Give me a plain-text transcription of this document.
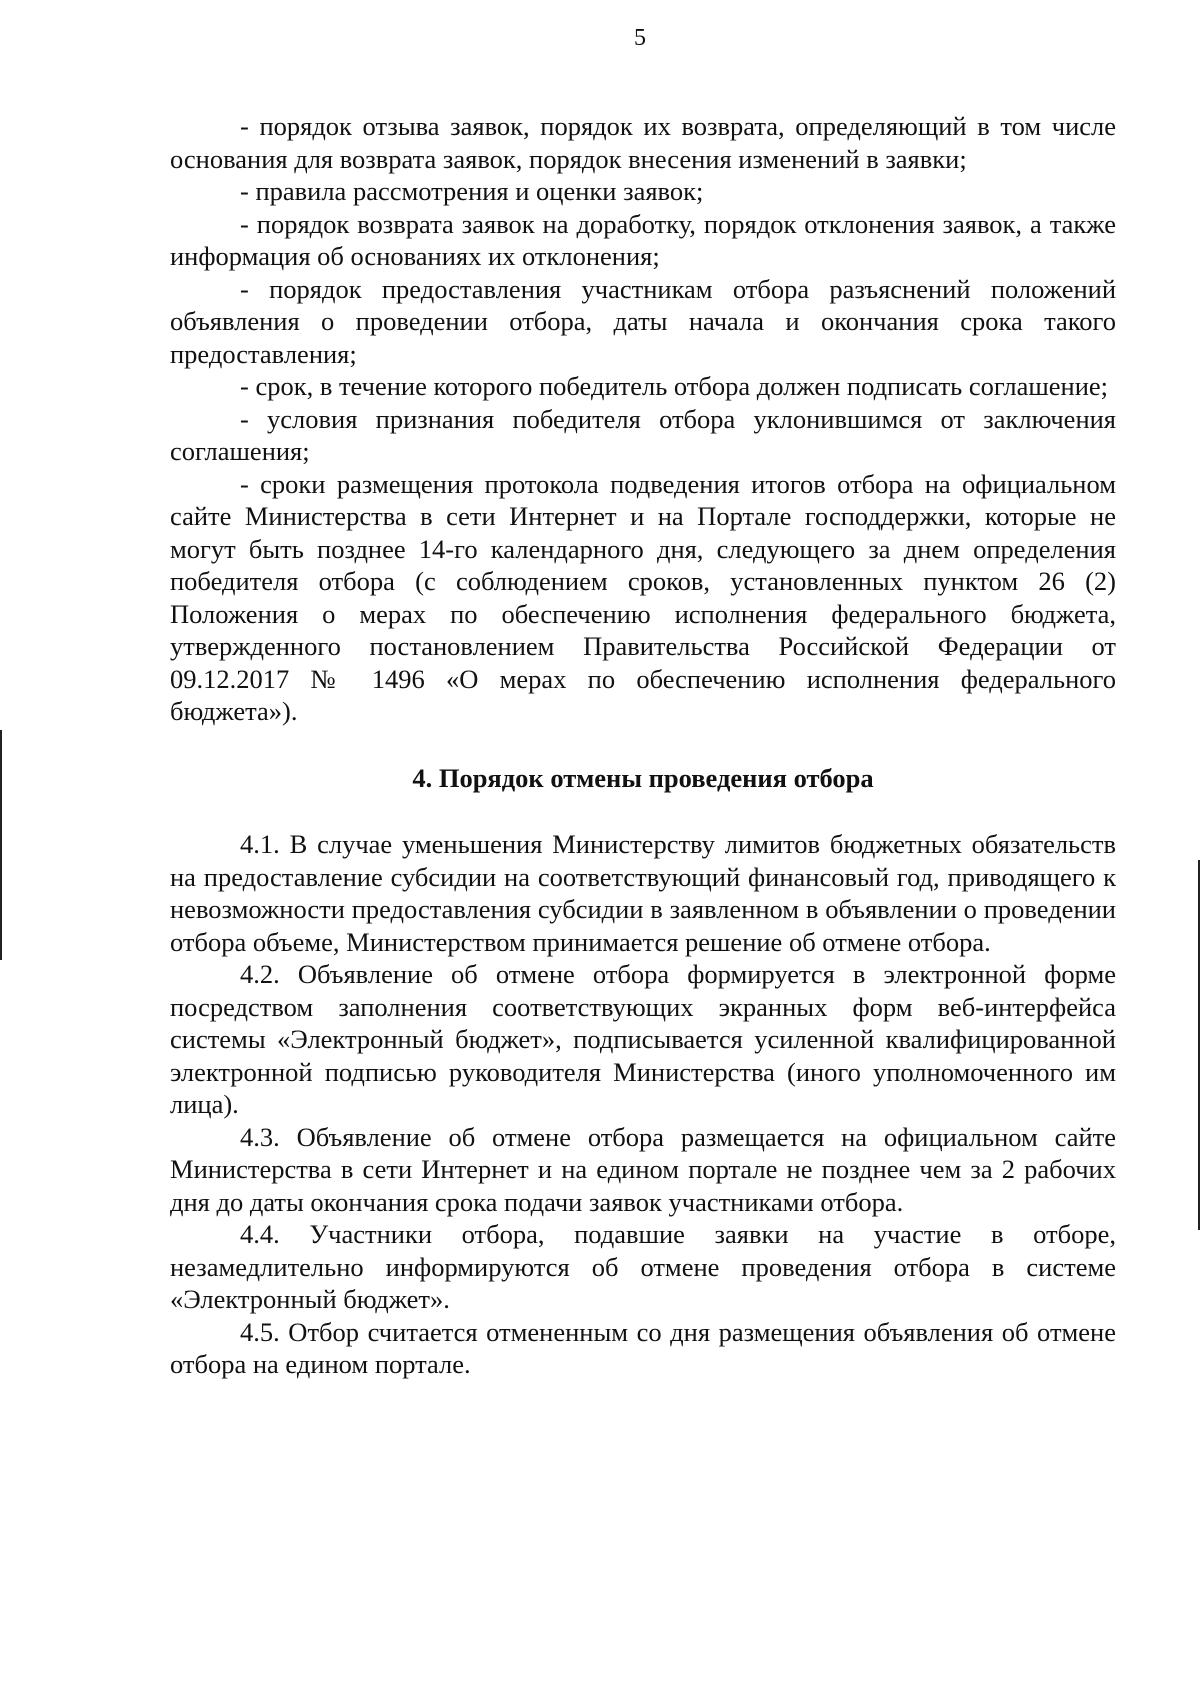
5

- порядок отзыва заявок, порядок их возврата, определяющий в том числе основания для возврата заявок, порядок внесения изменений в заявки;

- правила рассмотрения и оценки заявок;

- порядок возврата заявок на доработку, порядок отклонения заявок, а также информация об основаниях их отклонения;

- порядок предоставления участникам отбора разъяснений положений объявления о проведении отбора, даты начала и окончания срока такого предоставления;

- срок, в течение которого победитель отбора должен подписать соглашение;

- условия признания победителя отбора уклонившимся от заключения соглашения;

- сроки размещения протокола подведения итогов отбора на официальном сайте Министерства в сети Интернет и на Портале господдержки, которые не могут быть позднее 14-го календарного дня, следующего за днем определения победителя отбора (с соблюдением сроков, установленных пунктом 26 (2) Положения о мерах по обеспечению исполнения федерального бюджета, утвержденного постановлением Правительства Российской Федерации от 09.12.2017 № 1496 «О мерах по обеспечению исполнения федерального бюджета»).

4. Порядок отмены проведения отбора

4.1. В случае уменьшения Министерству лимитов бюджетных обязательств на предоставление субсидии на соответствующий финансовый год, приводящего к невозможности предоставления субсидии в заявленном в объявлении о проведении отбора объеме, Министерством принимается решение об отмене отбора.

4.2. Объявление об отмене отбора формируется в электронной форме посредством заполнения соответствующих экранных форм веб-интерфейса системы «Электронный бюджет», подписывается усиленной квалифицированной электронной подписью руководителя Министерства (иного уполномоченного им лица).

4.3. Объявление об отмене отбора размещается на официальном сайте Министерства в сети Интернет и на едином портале не позднее чем за 2 рабочих дня до даты окончания срока подачи заявок участниками отбора.

4.4. Участники отбора, подавшие заявки на участие в отборе, незамедлительно информируются об отмене проведения отбора в системе «Электронный бюджет».

4.5. Отбор считается отмененным со дня размещения объявления об отмене отбора на едином портале.
